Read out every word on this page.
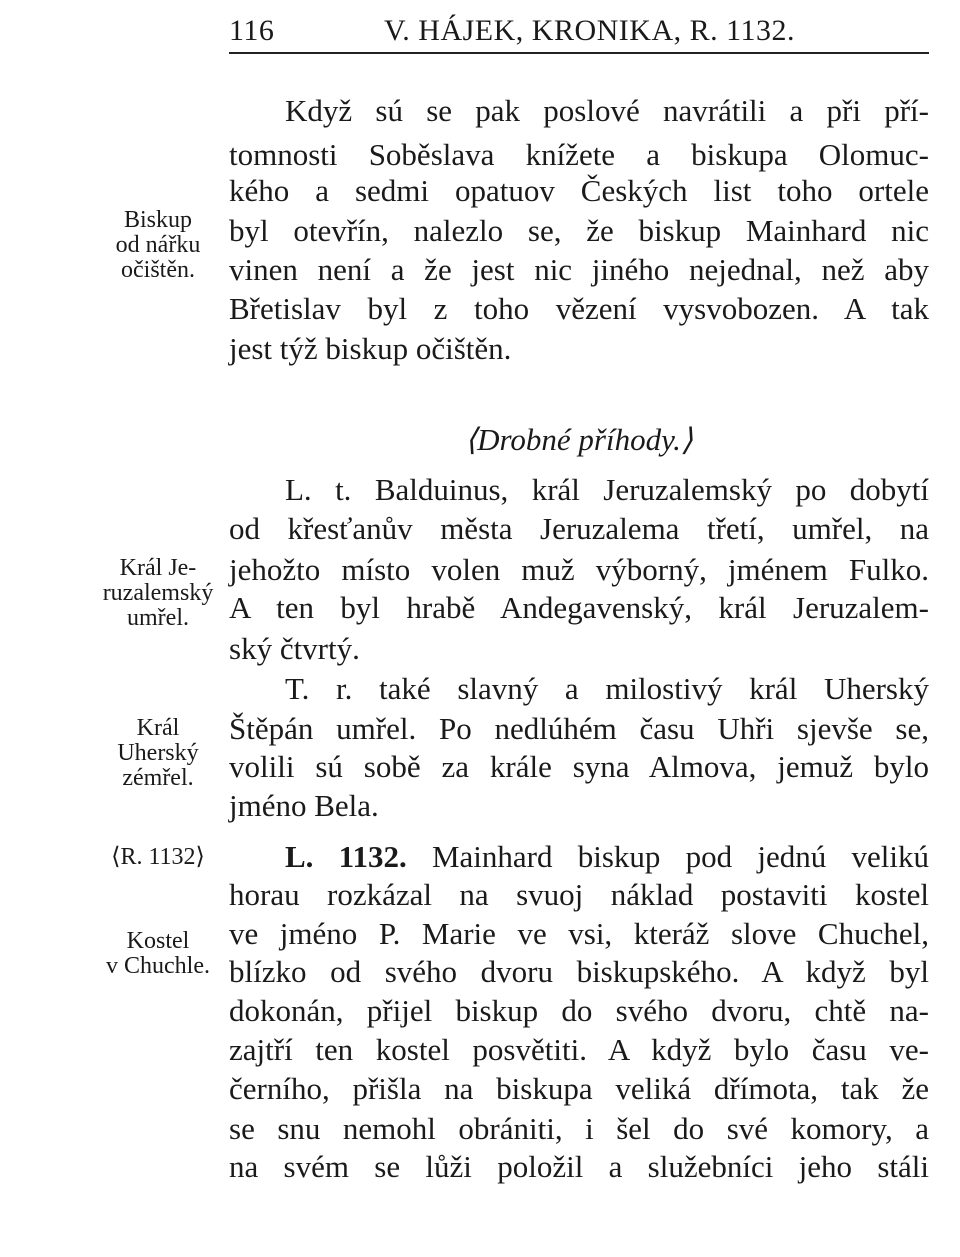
116	V. HÁJEK, KRONIKA, R. 1132.
Když sú se pak poslové navrátili a při pří-
tomnosti Soběslava knížete a biskupa Olomuc-
kého a sedmi opatuov Českých list toho ortele
byl otevřín, nalezlo se, že biskup Mainhard nic
vinen není a že jest nic jiného nejednal, než aby
Břetislav byl z toho vězení vysvobozen. A tak
jest týž biskup očištěn.
⟨Drobné příhody.⟩
L. t. Balduinus, král Jeruzalemský po dobytí
od křesťanův města Jeruzalema třetí, umřel, na
jehožto místo volen muž výborný, jménem Fulko.
A ten byl hrabě Andegavenský, král Jeruzalem-
ský čtvrtý.
T. r. také slavný a milostivý král Uherský
Štěpán umřel. Po nedlúhém času Uhři sjevše se,
volili sú sobě za krále syna Almova, jemuž bylo
jméno Bela.
L. 1132. Mainhard biskup pod jednú velikú
horau rozkázal na svuoj náklad postaviti kostel
ve jméno P. Marie ve vsi, kteráž slove Chuchel,
blízko od svého dvoru biskupského. A když byl
dokonán, přijel biskup do svého dvoru, chtě na-
zajtří ten kostel posvětiti. A když bylo času ve-
černího, přišla na biskupa veliká dřímota, tak že
se snu nemohl obrániti, i šel do své komory, a
na svém se lůži položil a služebníci jeho stáli
Biskup
od nářku
očištěn.
Král Je-
ruzalemský
umřel.
Král
Uherský
zémřel.
⟨R. 1132⟩
Kostel
v Chuchle.
